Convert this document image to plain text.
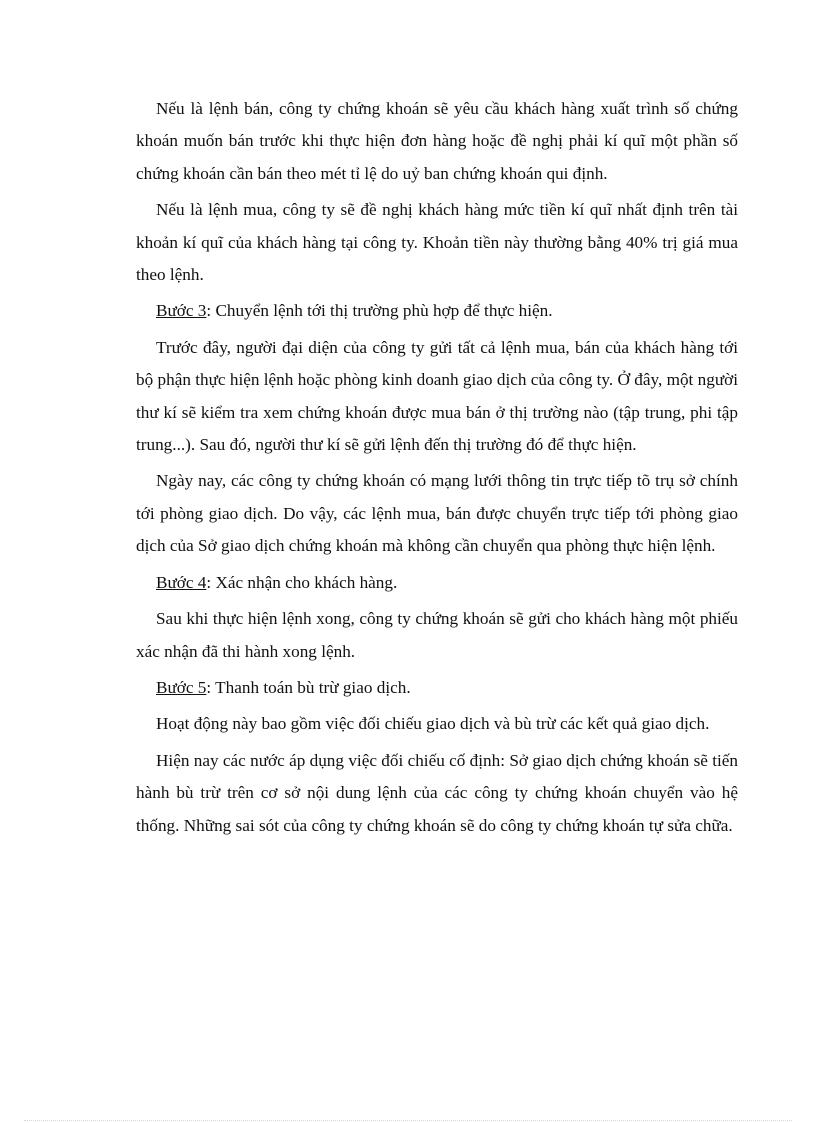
Nếu là lệnh bán, công ty chứng khoán sẽ yêu cầu khách hàng xuất trình số chứng khoán muốn bán trước khi thực hiện đơn hàng hoặc đề nghị phải kí quĩ một phần số chứng khoán cần bán theo mét tỉ lệ do uỷ ban chứng khoán qui định.

Nếu là lệnh mua, công ty sẽ đề nghị khách hàng mức tiền kí quĩ nhất định trên tài khoản kí quĩ của khách hàng tại công ty. Khoản tiền này thường bằng 40% trị giá mua theo lệnh.

Bước 3: Chuyển lệnh tới thị trường phù hợp để thực hiện.

Trước đây, người đại diện của công ty gửi tất cả lệnh mua, bán của khách hàng tới bộ phận thực hiện lệnh hoặc phòng kinh doanh giao dịch của công ty. Ở đây, một người thư kí sẽ kiểm tra xem chứng khoán được mua bán ở thị trường nào (tập trung, phi tập trung...). Sau đó, người thư kí sẽ gửi lệnh đến thị trường đó để thực hiện.

Ngày nay, các công ty chứng khoán có mạng lưới thông tin trực tiếp tõ trụ sở chính tới phòng giao dịch. Do vậy, các lệnh mua, bán được chuyển trực tiếp tới phòng giao dịch của Sở giao dịch chứng khoán mà không cần chuyển qua phòng thực hiện lệnh.

Bước 4: Xác nhận cho khách hàng.

Sau khi thực hiện lệnh xong, công ty chứng khoán sẽ gửi cho khách hàng một phiếu xác nhận đã thi hành xong lệnh.

Bước 5: Thanh toán bù trừ giao dịch.

Hoạt động này bao gồm việc đối chiếu giao dịch và bù trừ các kết quả giao dịch.

Hiện nay các nước áp dụng việc đối chiếu cố định: Sở giao dịch chứng khoán sẽ tiến hành bù trừ trên cơ sở nội dung lệnh của các công ty chứng khoán chuyển vào hệ thống. Những sai sót của công ty chứng khoán sẽ do công ty chứng khoán tự sửa chữa.
